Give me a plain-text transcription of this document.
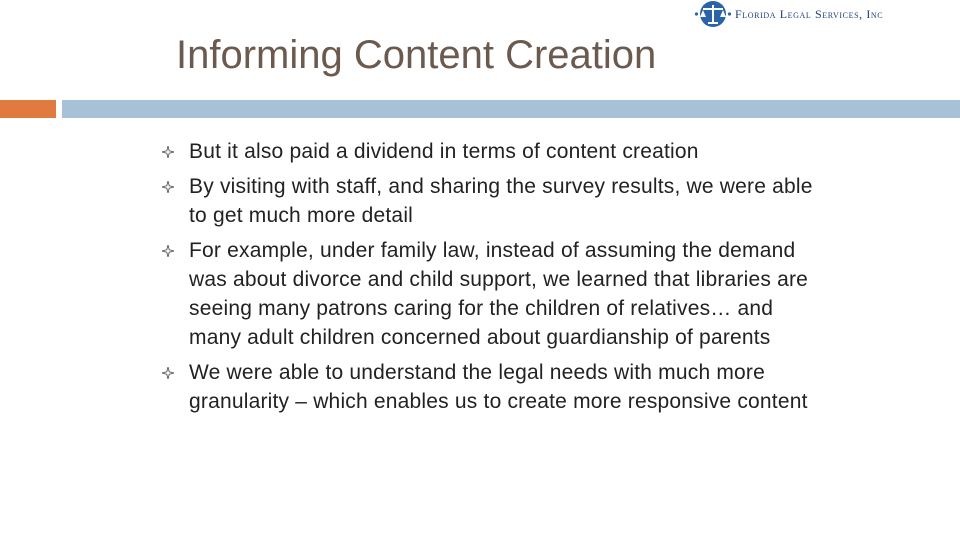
Florida Legal Services, Inc
Informing Content Creation
But it also paid a dividend in terms of content creation
By visiting with staff, and sharing the survey results, we were able to get much more detail
For example, under family law, instead of assuming the demand was about divorce and child support, we learned that libraries are seeing many patrons caring for the children of relatives… and many adult children concerned about guardianship of parents
We were able to understand the legal needs with much more granularity – which enables us to create more responsive content
